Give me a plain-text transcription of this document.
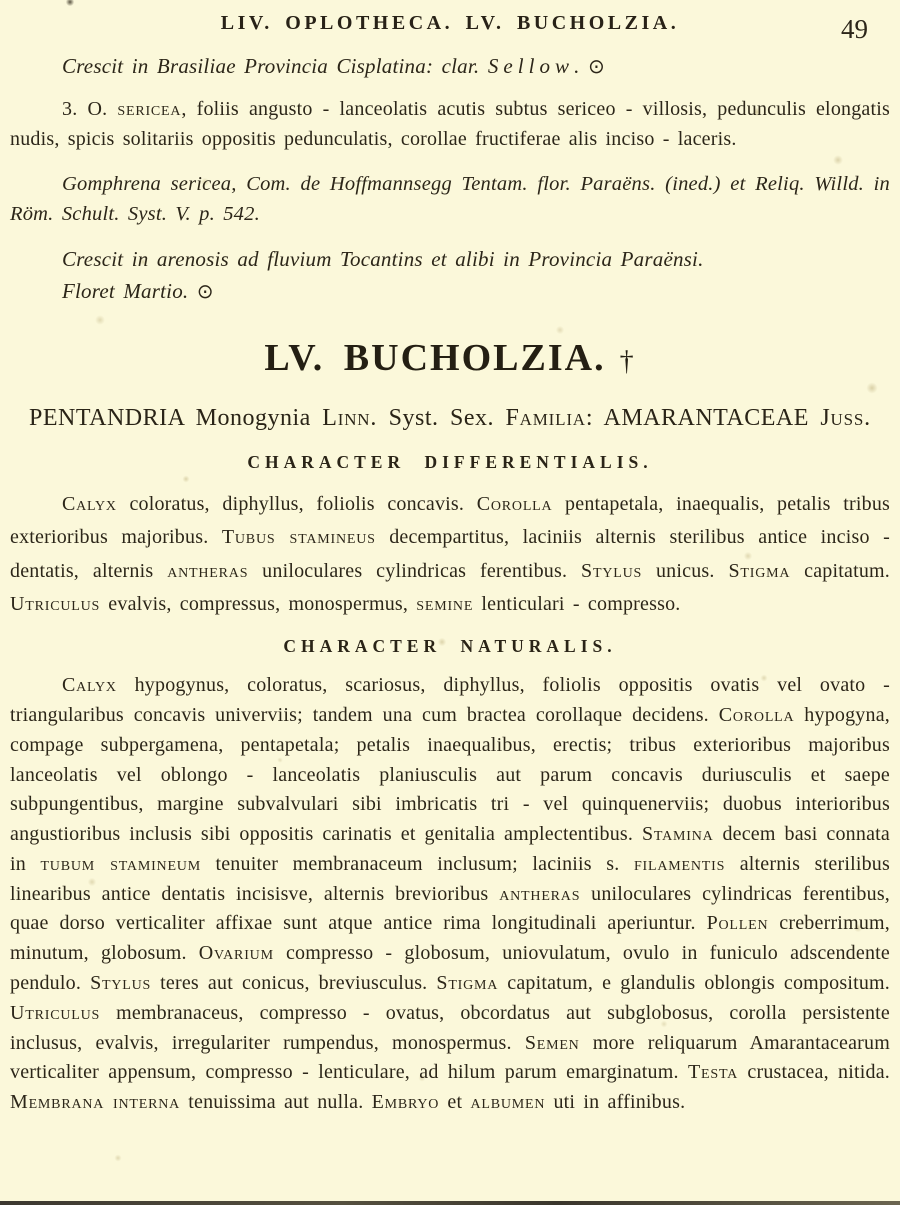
LIV. OPLOTHECA. LV. BUCHOLZIA.	49

Crescit in Brasiliae Provincia Cisplatina: clar. Sellow. ⊙

3. O. sericea, foliis angusto - lanceolatis acutis subtus sericeo - villosis, pedunculis elongatis nudis, spicis solitariis oppositis pedunculatis, corollae fructiferae alis inciso - laceris.

Gomphrena sericea, Com. de Hoffmannsegg Tentam. flor. Paraëns. (ined.) et Reliq. Willd. in Röm. Schult. Syst. V. p. 542.

Crescit in arenosis ad fluvium Tocantins et alibi in Provincia Paraënsi.

Floret Martio. ⊙

LV. BUCHOLZIA. †

PENTANDRIA Monogynia Linn. Syst. Sex. Familia: AMARANTACEAE Juss.

CHARACTER DIFFERENTIALIS.

Calyx coloratus, diphyllus, foliolis concavis. Corolla pentapetala, inaequalis, petalis tribus exterioribus majoribus. Tubus stamineus decempartitus, laciniis alternis sterilibus antice inciso - dentatis, alternis antheras uniloculares cylindricas ferentibus. Stylus unicus. Stigma capitatum. Utriculus evalvis, compressus, monospermus, semine lenticulari - compresso.

CHARACTER NATURALIS.

Calyx hypogynus, coloratus, scariosus, diphyllus, foliolis oppositis ovatis vel ovato - triangularibus concavis univerviis; tandem una cum bractea corollaque decidens. Corolla hypogyna, compage subpergamena, pentapetala; petalis inaequalibus, erectis; tribus exterioribus majoribus lanceolatis vel oblongo - lanceolatis planiusculis aut parum concavis duriusculis et saepe subpungentibus, margine subvalvulari sibi imbricatis tri - vel quinquenerviis; duobus interioribus angustioribus inclusis sibi oppositis carinatis et genitalia amplectentibus. Stamina decem basi connata in tubum stamineum tenuiter membranaceum inclusum; laciniis s. filamentis alternis sterilibus linearibus antice dentatis incisisve, alternis brevioribus antheras uniloculares cylindricas ferentibus, quae dorso verticaliter affixae sunt atque antice rima longitudinali aperiuntur. Pollen creberrimum, minutum, globosum. Ovarium compresso - globosum, uniovulatum, ovulo in funiculo adscendente pendulo. Stylus teres aut conicus, breviusculus. Stigma capitatum, e glandulis oblongis compositum. Utriculus membranaceus, compresso - ovatus, obcordatus aut subglobosus, corolla persistente inclusus, evalvis, irregulariter rumpendus, monospermus. Semen more reliquarum Amarantacearum verticaliter appensum, compresso - lenticulare, ad hilum parum emarginatum. Testa crustacea, nitida. Membrana interna tenuissima aut nulla. Embryo et albumen uti in affinibus.
